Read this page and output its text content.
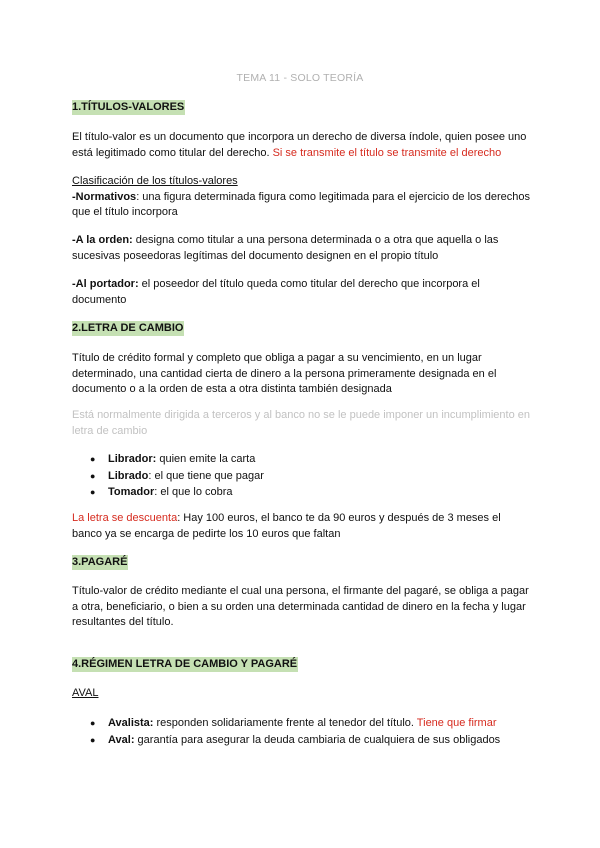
TEMA 11 - SOLO TEORÍA
1.TÍTULOS-VALORES

El título-valor es un documento que incorpora un derecho de diversa índole, quien posee uno está legitimado como titular del derecho. Si se transmite el título se transmite el derecho

Clasificación de los títulos-valores
-Normativos: una figura determinada figura como legitimada para el ejercicio de los derechos que el título incorpora

-A la orden: designa como titular a una persona determinada o a otra que aquella o las sucesivas poseedoras legítimas del documento designen en el propio título

-Al portador: el poseedor del título queda como titular del derecho que incorpora el documento

2.LETRA DE CAMBIO

Título de crédito formal y completo que obliga a pagar a su vencimiento, en un lugar determinado, una cantidad cierta de dinero a la persona primeramente designada en el documento o a la orden de esta a otra distinta también designada

Está normalmente dirigida a terceros y al banco no se le puede imponer un incumplimiento en letra de cambio

● Librador: quien emite la carta
● Librado: el que tiene que pagar
● Tomador: el que lo cobra

La letra se descuenta: Hay 100 euros, el banco te da 90 euros y después de 3 meses el banco ya se encarga de pedirte los 10 euros que faltan

3.PAGARÉ

Título-valor de crédito mediante el cual una persona, el firmante del pagaré, se obliga a pagar a otra, beneficiario, o bien a su orden una determinada cantidad de dinero en la fecha y lugar resultantes del título.

4.RÉGIMEN LETRA DE CAMBIO Y PAGARÉ
AVAL
● Avalista: responden solidariamente frente al tenedor del título. Tiene que firmar
● Aval: garantía para asegurar la deuda cambiaria de cualquiera de sus obligados
